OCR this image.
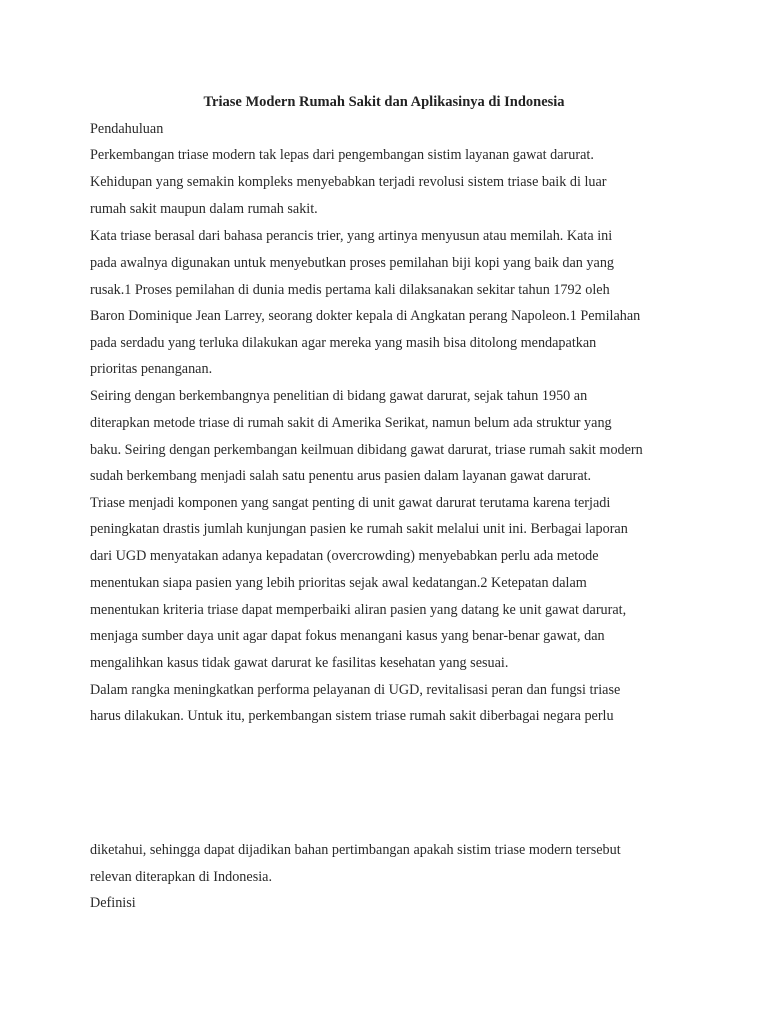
Triase Modern Rumah Sakit dan Aplikasinya di Indonesia
Pendahuluan
Perkembangan triase modern tak lepas dari pengembangan sistim layanan gawat darurat.
Kehidupan yang semakin kompleks menyebabkan terjadi revolusi sistem triase baik di luar
rumah sakit maupun dalam rumah sakit.
Kata triase berasal dari bahasa perancis trier, yang artinya menyusun atau memilah. Kata ini
pada awalnya digunakan untuk menyebutkan proses pemilahan biji kopi yang baik dan yang
rusak.1 Proses pemilahan di dunia medis pertama kali dilaksanakan sekitar tahun 1792 oleh
Baron Dominique Jean Larrey, seorang dokter kepala di Angkatan perang Napoleon.1 Pemilahan
pada serdadu yang terluka dilakukan agar mereka yang masih bisa ditolong mendapatkan
prioritas penanganan.
Seiring dengan berkembangnya penelitian di bidang gawat darurat, sejak tahun 1950 an
diterapkan metode triase di rumah sakit di Amerika Serikat, namun belum ada struktur yang
baku. Seiring dengan perkembangan keilmuan dibidang gawat darurat, triase rumah sakit modern
sudah berkembang menjadi salah satu penentu arus pasien dalam layanan gawat darurat.
Triase menjadi komponen yang sangat penting di unit gawat darurat terutama karena terjadi
peningkatan drastis jumlah kunjungan pasien ke rumah sakit melalui unit ini. Berbagai laporan
dari UGD menyatakan adanya kepadatan (overcrowding) menyebabkan perlu ada metode
menentukan siapa pasien yang lebih prioritas sejak awal kedatangan.2 Ketepatan dalam
menentukan kriteria triase dapat memperbaiki aliran pasien yang datang ke unit gawat darurat,
menjaga sumber daya unit agar dapat fokus menangani kasus yang benar-benar gawat, dan
mengalihkan kasus tidak gawat darurat ke fasilitas kesehatan yang sesuai.
Dalam rangka meningkatkan performa pelayanan di UGD, revitalisasi peran dan fungsi triase
harus dilakukan. Untuk itu, perkembangan sistem triase rumah sakit diberbagai negara perlu
diketahui, sehingga dapat dijadikan bahan pertimbangan apakah sistim triase modern tersebut
relevan diterapkan di Indonesia.
Definisi
